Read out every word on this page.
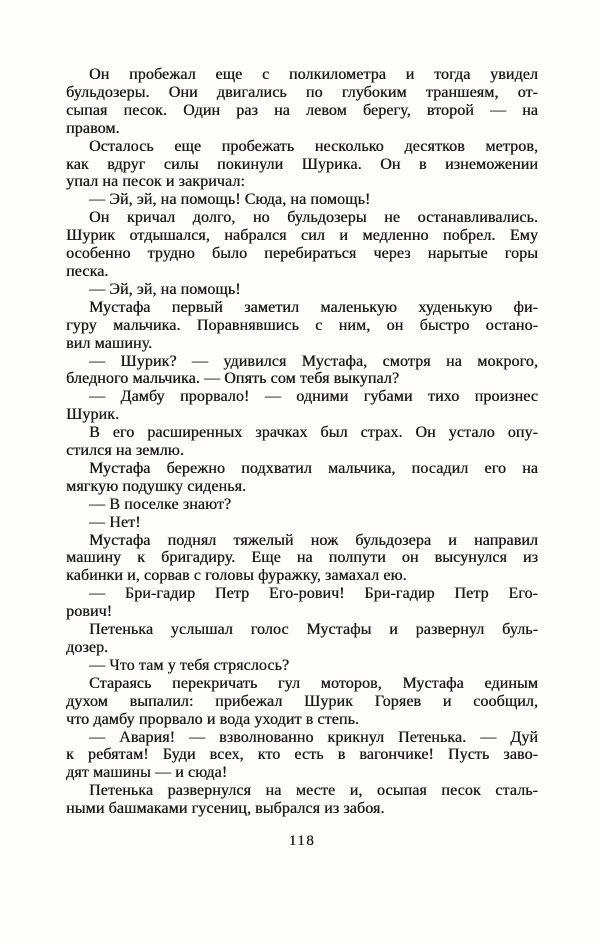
Он пробежал еще с полкилометра и тогда увидел
бульдозеры. Они двигались по глубоким траншеям, от-
сыпая песок. Один раз на левом берегу, второй — на
правом.
Осталось еще пробежать несколько десятков метров,
как вдруг силы покинули Шурика. Он в изнеможении
упал на песок и закричал:
— Эй, эй, на помощь! Сюда, на помощь!
Он кричал долго, но бульдозеры не останавливались.
Шурик отдышался, набрался сил и медленно побрел. Ему
особенно трудно было перебираться через нарытые горы
песка.
— Эй, эй, на помощь!
Мустафа первый заметил маленькую худенькую фи-
гуру мальчика. Поравнявшись с ним, он быстро остано-
вил машину.
— Шурик? — удивился Мустафа, смотря на мокрого,
бледного мальчика. — Опять сом тебя выкупал?
— Дамбу прорвало! — одними губами тихо произнес
Шурик.
В его расширенных зрачках был страх. Он устало опу-
стился на землю.
Мустафа бережно подхватил мальчика, посадил его на
мягкую подушку сиденья.
— В поселке знают?
— Нет!
Мустафа поднял тяжелый нож бульдозера и направил
машину к бригадиру. Еще на полпути он высунулся из
кабинки и, сорвав с головы фуражку, замахал ею.
— Бри-гадир Петр Его-рович! Бри-гадир Петр Его-
рович!
Петенька услышал голос Мустафы и развернул буль-
дозер.
— Что там у тебя стряслось?
Стараясь перекричать гул моторов, Мустафа единым
духом выпалил: прибежал Шурик Горяев и сообщил,
что дамбу прорвало и вода уходит в степь.
— Авария! — взволнованно крикнул Петенька. — Дуй
к ребятам! Буди всех, кто есть в вагончике! Пусть заво-
дят машины — и сюда!
Петенька развернулся на месте и, осыпая песок сталь-
ными башмаками гусениц, выбрался из забоя.
118
